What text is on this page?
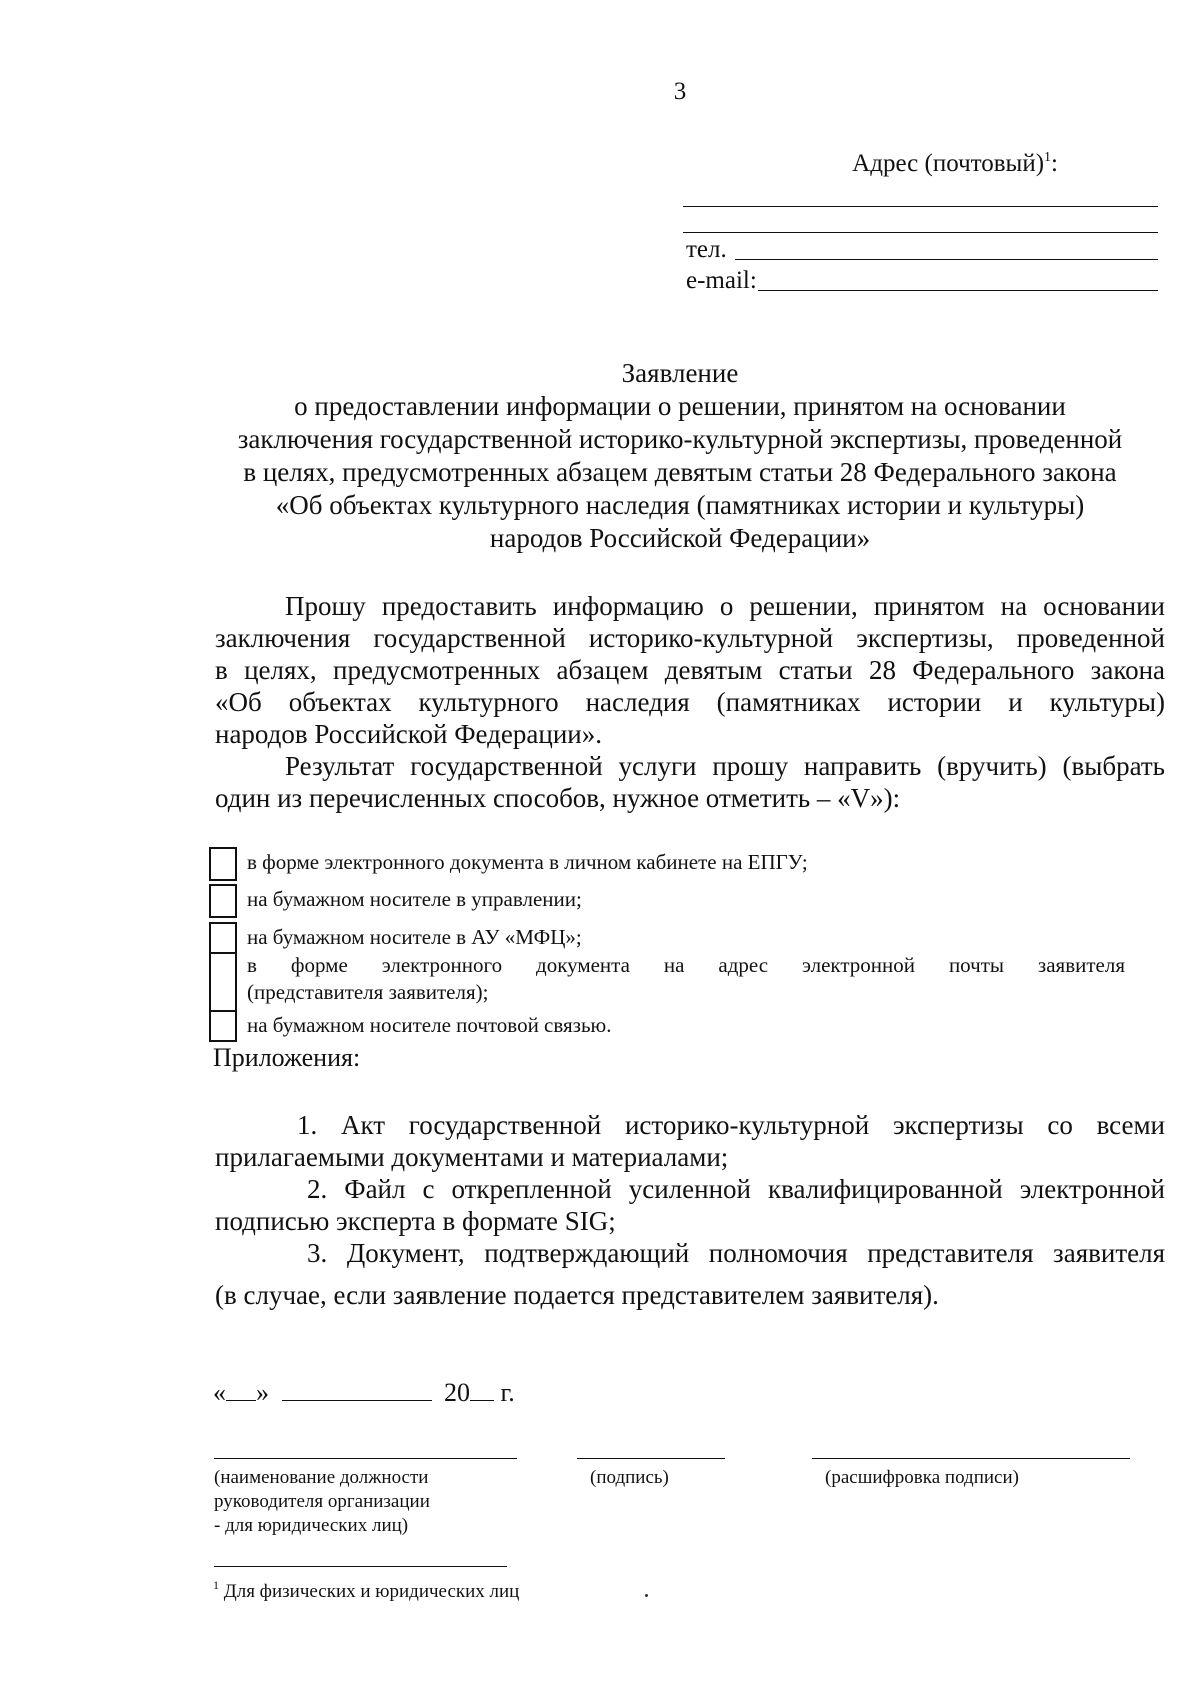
3
Адрес (почтовый)$^1$:
тел.
e-mail:
Заявление
о предоставлении информации о решении, принятом на основании
заключения государственной историко-культурной экспертизы, проведенной
в целях, предусмотренных абзацем девятым статьи 28 Федерального закона
«Об объектах культурного наследия (памятниках истории и культуры)
народов Российской Федерации»
Прошу предоставить информацию о решении, принятом на основании
заключения государственной историко-культурной экспертизы, проведенной
в целях, предусмотренных абзацем девятым статьи 28 Федерального закона
«Об объектах культурного наследия (памятниках истории и культуры)
народов Российской Федерации».
Результат государственной услуги прошу направить (вручить) (выбрать
один из перечисленных способов, нужное отметить – «V»):
в форме электронного документа в личном кабинете на ЕПГУ;
на бумажном носителе в управлении;
на бумажном носителе в АУ «МФЦ»;
в форме электронного документа на адрес электронной почты заявителя
(представителя заявителя);
на бумажном носителе почтовой связью.
Приложения:
1. Акт государственной историко-культурной экспертизы со всеми
прилагаемыми документами и материалами;
2. Файл с открепленной усиленной квалифицированной электронной
подписью эксперта в формате SIG;
3. Документ, подтверждающий полномочия представителя заявителя
(в случае, если заявление подается представителем заявителя).
« »	20 г.
(наименование должности
руководителя организации
- для юридических лиц)
(подпись)	(расшифровка подписи)
$^1$ Для физических и юридических лиц
